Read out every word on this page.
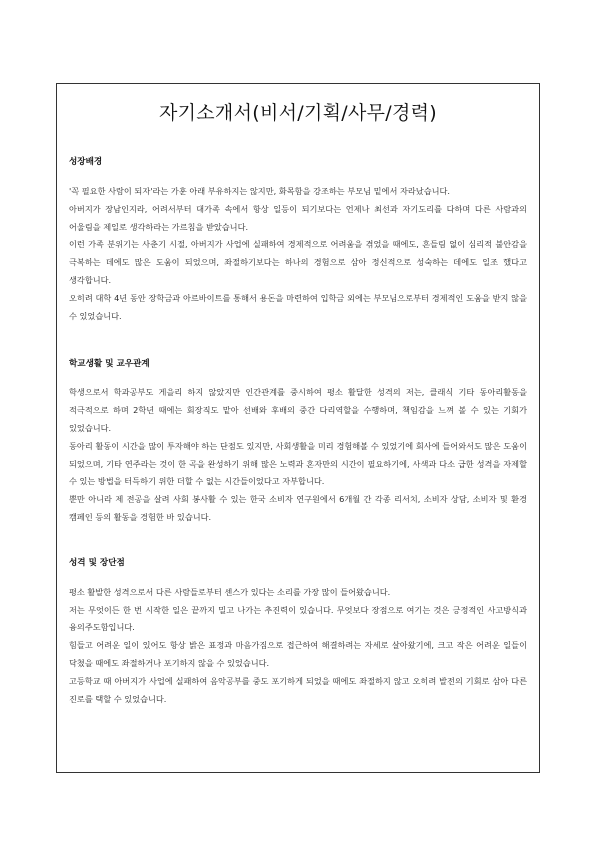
자기소개서(비서/기획/사무/경력)
성장배경

'꼭 필요한 사람이 되자'라는 가훈 아래 부유하지는 않지만, 화목함을 강조하는 부모님 밑에서 자라났습니다.

아버지가 장남인지라, 어려서부터 대가족 속에서 항상 일등이 되기보다는 언제나 최선과 자기도리를 다하며 다른 사람과의 어울림을 제일로 생각하라는 가르침을 받았습니다.

이런 가족 분위기는 사춘기 시절, 아버지가 사업에 실패하여 경제적으로 어려움을 겪었을 때에도, 흔들림 없이 심리적 불안감을 극복하는 데에도 많은 도움이 되었으며, 좌절하기보다는 하나의 경험으로 삼아 정신적으로 성숙하는 데에도 일조 했다고 생각합니다.

오히려 대학 4년 동안 장학금과 아르바이트를 통해서 용돈을 마련하여 입학금 외에는 부모님으로부터 경제적인 도움을 받지 않을 수 있었습니다.

학교생활 및 교우관계

학생으로서 학과공부도 게을리 하지 않았지만 인간관계를 중시하여 평소 활달한 성격의 저는, 클래식 기타 동아리활동을 적극적으로 하며 2학년 때에는 회장직도 맡아 선배와 후배의 중간 다리역할을 수행하며, 책임감을 느껴 볼 수 있는 기회가 있었습니다.

동아리 활동이 시간을 많이 투자해야 하는 단점도 있지만, 사회생활을 미리 경험해볼 수 있었기에 회사에 들어와서도 많은 도움이 되었으며, 기타 연주라는 것이 한 곡을 완성하기 위해 많은 노력과 혼자만의 시간이 필요하기에, 사색과 다소 급한 성격을 자제할 수 있는 방법을 터득하기 위한 더할 수 없는 시간들이었다고 자부합니다.

뿐만 아니라 제 전공을 살려 사회 봉사활 수 있는 한국 소비자 연구원에서 6개월 간 각종 리서치, 소비자 상담, 소비자 및 환경 캠페인 등의 활동을 경험한 바 있습니다.

성격 및 장단점

평소 활발한 성격으로서 다른 사람들로부터 센스가 있다는 소리를 가장 많이 들어왔습니다.

저는 무엇이든 한 번 시작한 일은 끝까지 밀고 나가는 추진력이 있습니다. 무엇보다 장점으로 여기는 것은 긍정적인 사고방식과 융의주도함입니다.

힘들고 어려운 일이 있어도 항상 밝은 표정과 마음가짐으로 접근하여 해결하려는 자세로 살아왔기에, 크고 작은 어려운 일들이 닥쳤을 때에도 좌절하거나 포기하지 않을 수 있었습니다.

고등학교 때 아버지가 사업에 실패하여 음악공부를 중도 포기하게 되었을 때에도 좌절하지 않고 오히려 발전의 기회로 삼아 다른 진로를 택할 수 있었습니다.
